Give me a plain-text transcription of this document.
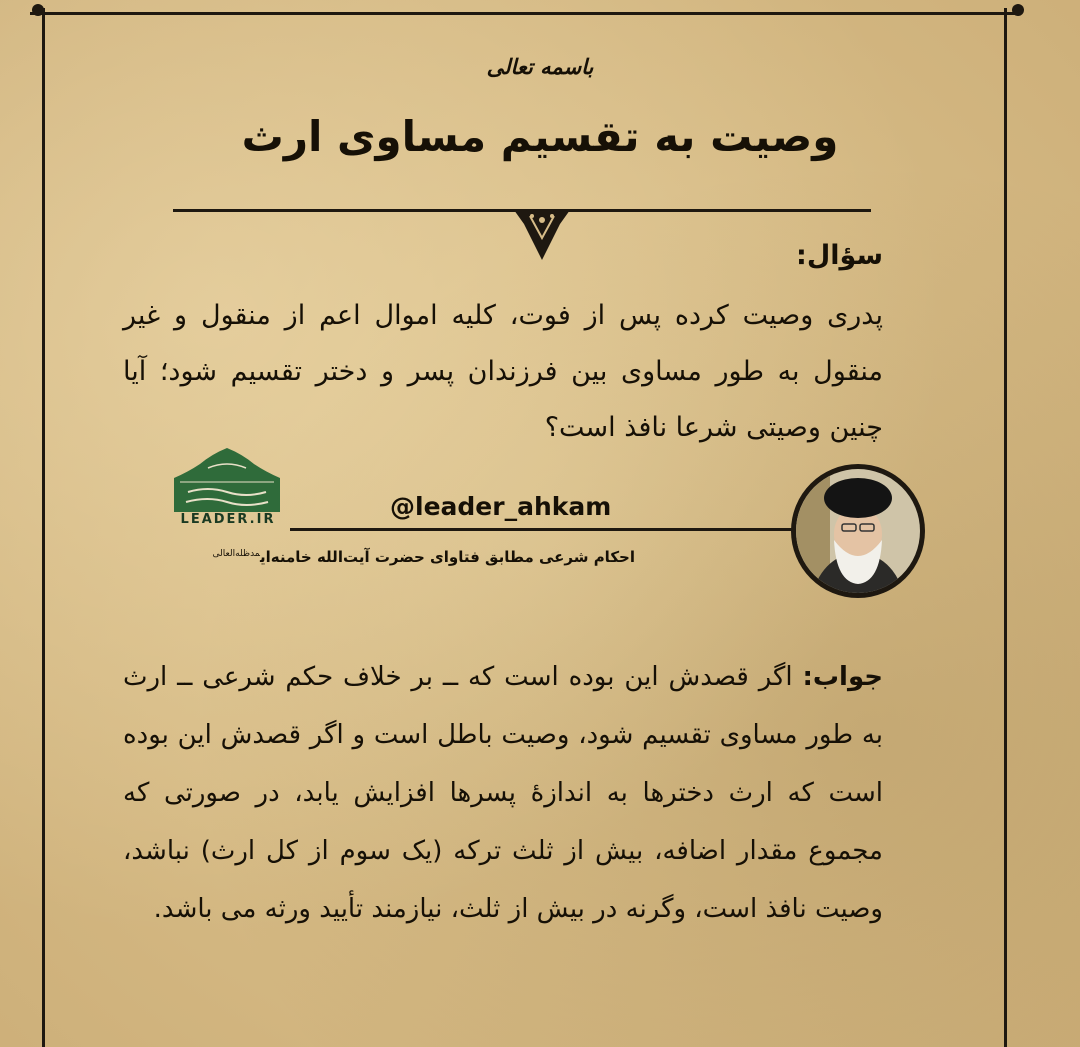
باسمه تعالی
وصیت به تقسیم مساوی ارث
سؤال:
پدری وصیت کرده پس از فوت، کلیه اموال اعم از منقول و غیر منقول به طور مساوی بین فرزندان پسر و دختر تقسیم شود؛ آیا چنین وصیتی شرعا نافذ است؟
LEADER.IR	@leader_ahkam
احکام شرعی مطابق فتاوای حضرت آیت‌الله خامنه‌ای$^{مدظله‌العالی}$
جواب: اگر قصدش این بوده است که ــ بر خلاف حکم شرعی ــ ارث به طور مساوی تقسیم شود، وصیت باطل است و اگر قصدش این بوده است که ارث دخترها به اندازۀ پسرها افزایش یابد، در صورتی که مجموع مقدار اضافه، بیش از ثلث ترکه (یک سوم از کل ارث) نباشد، وصیت نافذ است، وگرنه در بیش از ثلث، نیازمند تأیید ورثه می باشد.
